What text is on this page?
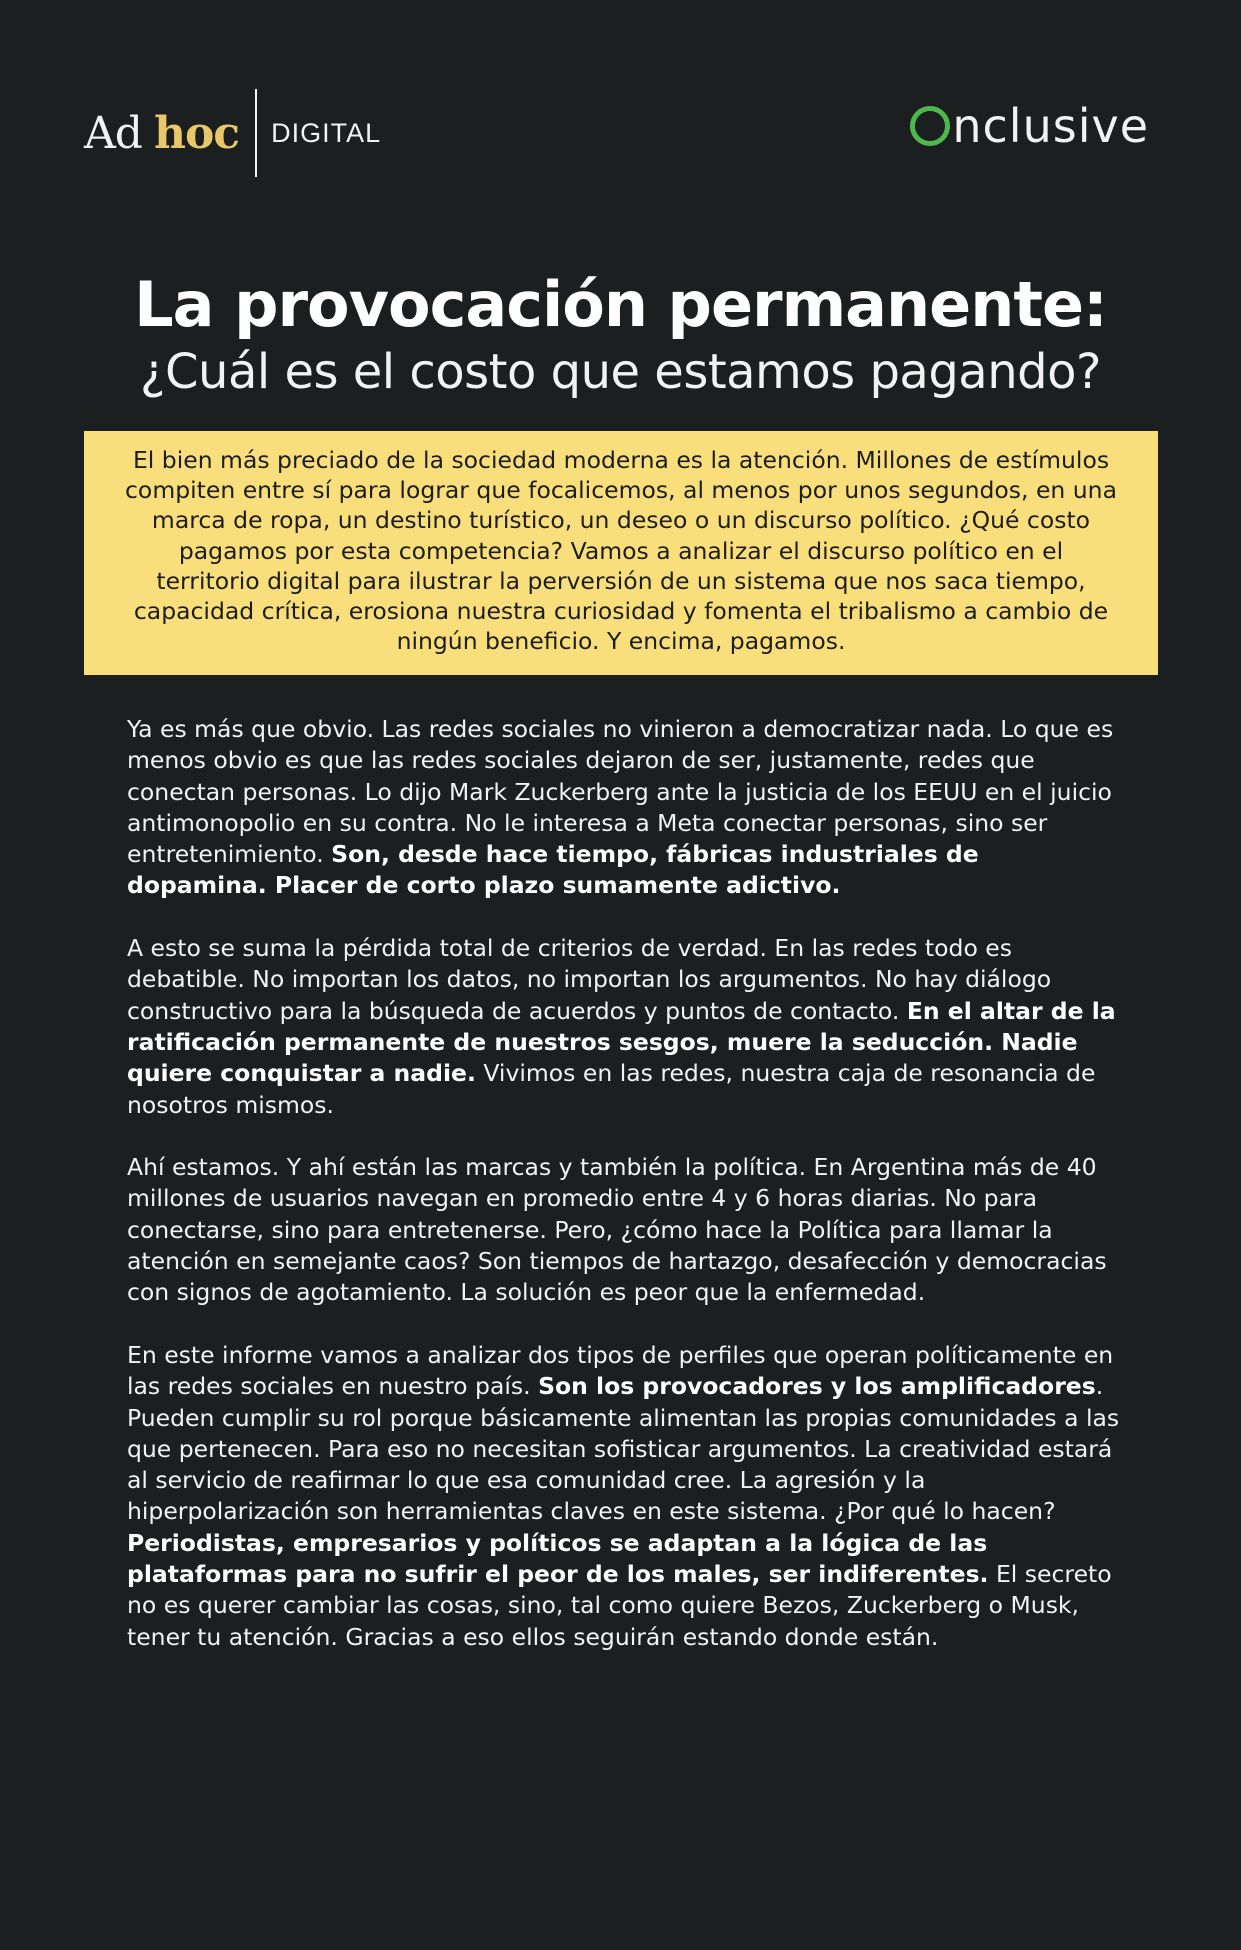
Ad hoc DIGITAL	nclusive
La provocación permanente:
¿Cuál es el costo que estamos pagando?
El bien más preciado de la sociedad moderna es la atención. Millones de estímulos compiten entre sí para lograr que focalicemos, al menos por unos segundos, en una marca de ropa, un destino turístico, un deseo o un discurso político. ¿Qué costo pagamos por esta competencia? Vamos a analizar el discurso político en el territorio digital para ilustrar la perversión de un sistema que nos saca tiempo, capacidad crítica, erosiona nuestra curiosidad y fomenta el tribalismo a cambio de ningún beneficio. Y encima, pagamos.

Ya es más que obvio. Las redes sociales no vinieron a democratizar nada. Lo que es menos obvio es que las redes sociales dejaron de ser, justamente, redes que conectan personas. Lo dijo Mark Zuckerberg ante la justicia de los EEUU en el juicio antimonopolio en su contra. No le interesa a Meta conectar personas, sino ser entretenimiento. Son, desde hace tiempo, fábricas industriales de dopamina. Placer de corto plazo sumamente adictivo.

A esto se suma la pérdida total de criterios de verdad. En las redes todo es debatible. No importan los datos, no importan los argumentos. No hay diálogo constructivo para la búsqueda de acuerdos y puntos de contacto. En el altar de la ratificación permanente de nuestros sesgos, muere la seducción. Nadie quiere conquistar a nadie. Vivimos en las redes, nuestra caja de resonancia de nosotros mismos.

Ahí estamos. Y ahí están las marcas y también la política. En Argentina más de 40 millones de usuarios navegan en promedio entre 4 y 6 horas diarias. No para conectarse, sino para entretenerse. Pero, ¿cómo hace la Política para llamar la atención en semejante caos? Son tiempos de hartazgo, desafección y democracias con signos de agotamiento. La solución es peor que la enfermedad.

En este informe vamos a analizar dos tipos de perfiles que operan políticamente en las redes sociales en nuestro país. Son los provocadores y los amplificadores. Pueden cumplir su rol porque básicamente alimentan las propias comunidades a las que pertenecen. Para eso no necesitan sofisticar argumentos. La creatividad estará al servicio de reafirmar lo que esa comunidad cree. La agresión y la hiperpolarización son herramientas claves en este sistema. ¿Por qué lo hacen? Periodistas, empresarios y políticos se adaptan a la lógica de las plataformas para no sufrir el peor de los males, ser indiferentes. El secreto no es querer cambiar las cosas, sino, tal como quiere Bezos, Zuckerberg o Musk, tener tu atención. Gracias a eso ellos seguirán estando donde están.
